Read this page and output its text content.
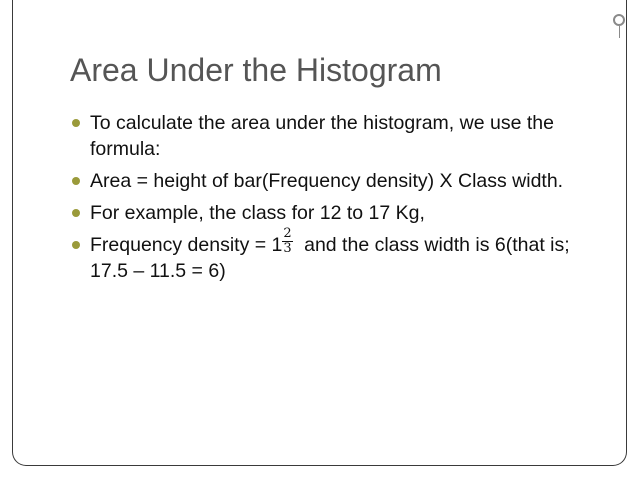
Area Under the Histogram
To calculate the area under the histogram, we use the formula:
Area = height of bar(Frequency density) X Class width.
For example, the class for 12 to 17 Kg,
Frequency density = $1 \frac{2}{3}$ and the class width is 6(that is; 17.5 – 11.5 = 6)
